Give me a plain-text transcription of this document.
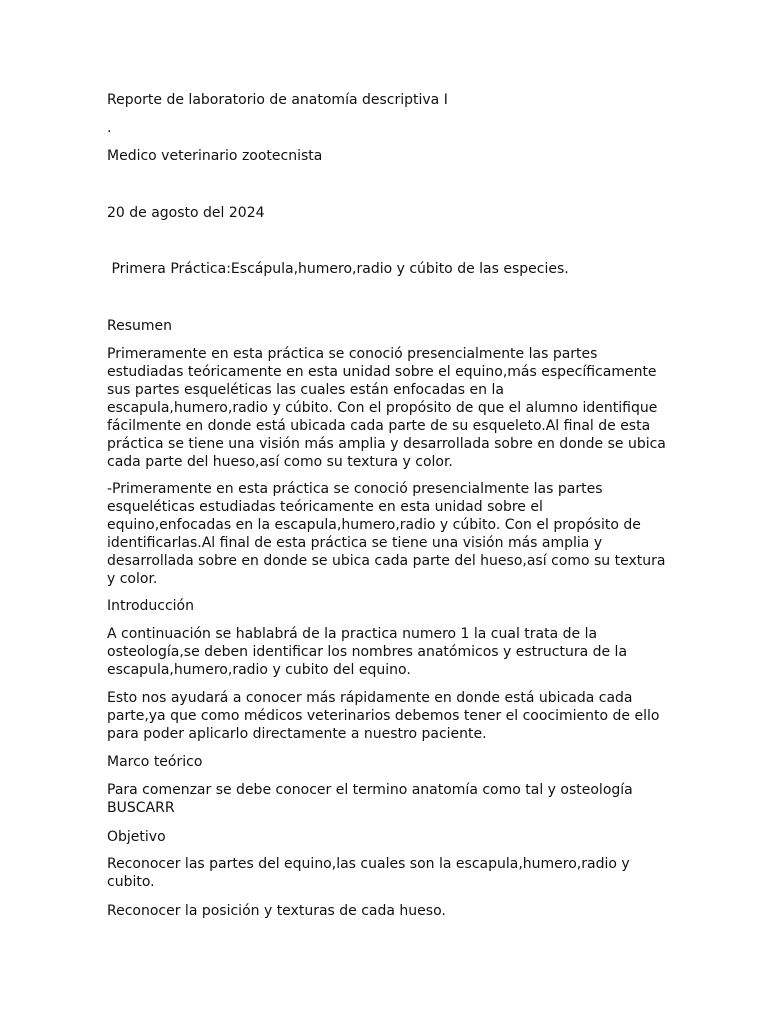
Reporte de laboratorio de anatomía descriptiva I

.

Medico veterinario zootecnista

20 de agosto del 2024

Primera Práctica:Escápula,humero,radio y cúbito de las especies.

Resumen

Primeramente en esta práctica se conoció presencialmente las partes
estudiadas teóricamente en esta unidad sobre el equino,más específicamente
sus partes esqueléticas las cuales están enfocadas en la
escapula,humero,radio y cúbito. Con el propósito de que el alumno identifique
fácilmente en donde está ubicada cada parte de su esqueleto.Al final de esta
práctica se tiene una visión más amplia y desarrollada sobre en donde se ubica
cada parte del hueso,así como su textura y color.
-Primeramente en esta práctica se conoció presencialmente las partes
esqueléticas estudiadas teóricamente en esta unidad sobre el
equino,enfocadas en la escapula,humero,radio y cúbito. Con el propósito de
identificarlas.Al final de esta práctica se tiene una visión más amplia y
desarrollada sobre en donde se ubica cada parte del hueso,así como su textura
y color.

Introducción

A continuación se hablabrá de la practica numero 1 la cual trata de la
osteología,se deben identificar los nombres anatómicos y estructura de la
escapula,humero,radio y cubito del equino.
Esto nos ayudará a conocer más rápidamente en donde está ubicada cada
parte,ya que como médicos veterinarios debemos tener el coocimiento de ello
para poder aplicarlo directamente a nuestro paciente.

Marco teórico

Para comenzar se debe conocer el termino anatomía como tal y osteología
BUSCARR

Objetivo

Reconocer las partes del equino,las cuales son la escapula,humero,radio y
cubito.
Reconocer la posición y texturas de cada hueso.
